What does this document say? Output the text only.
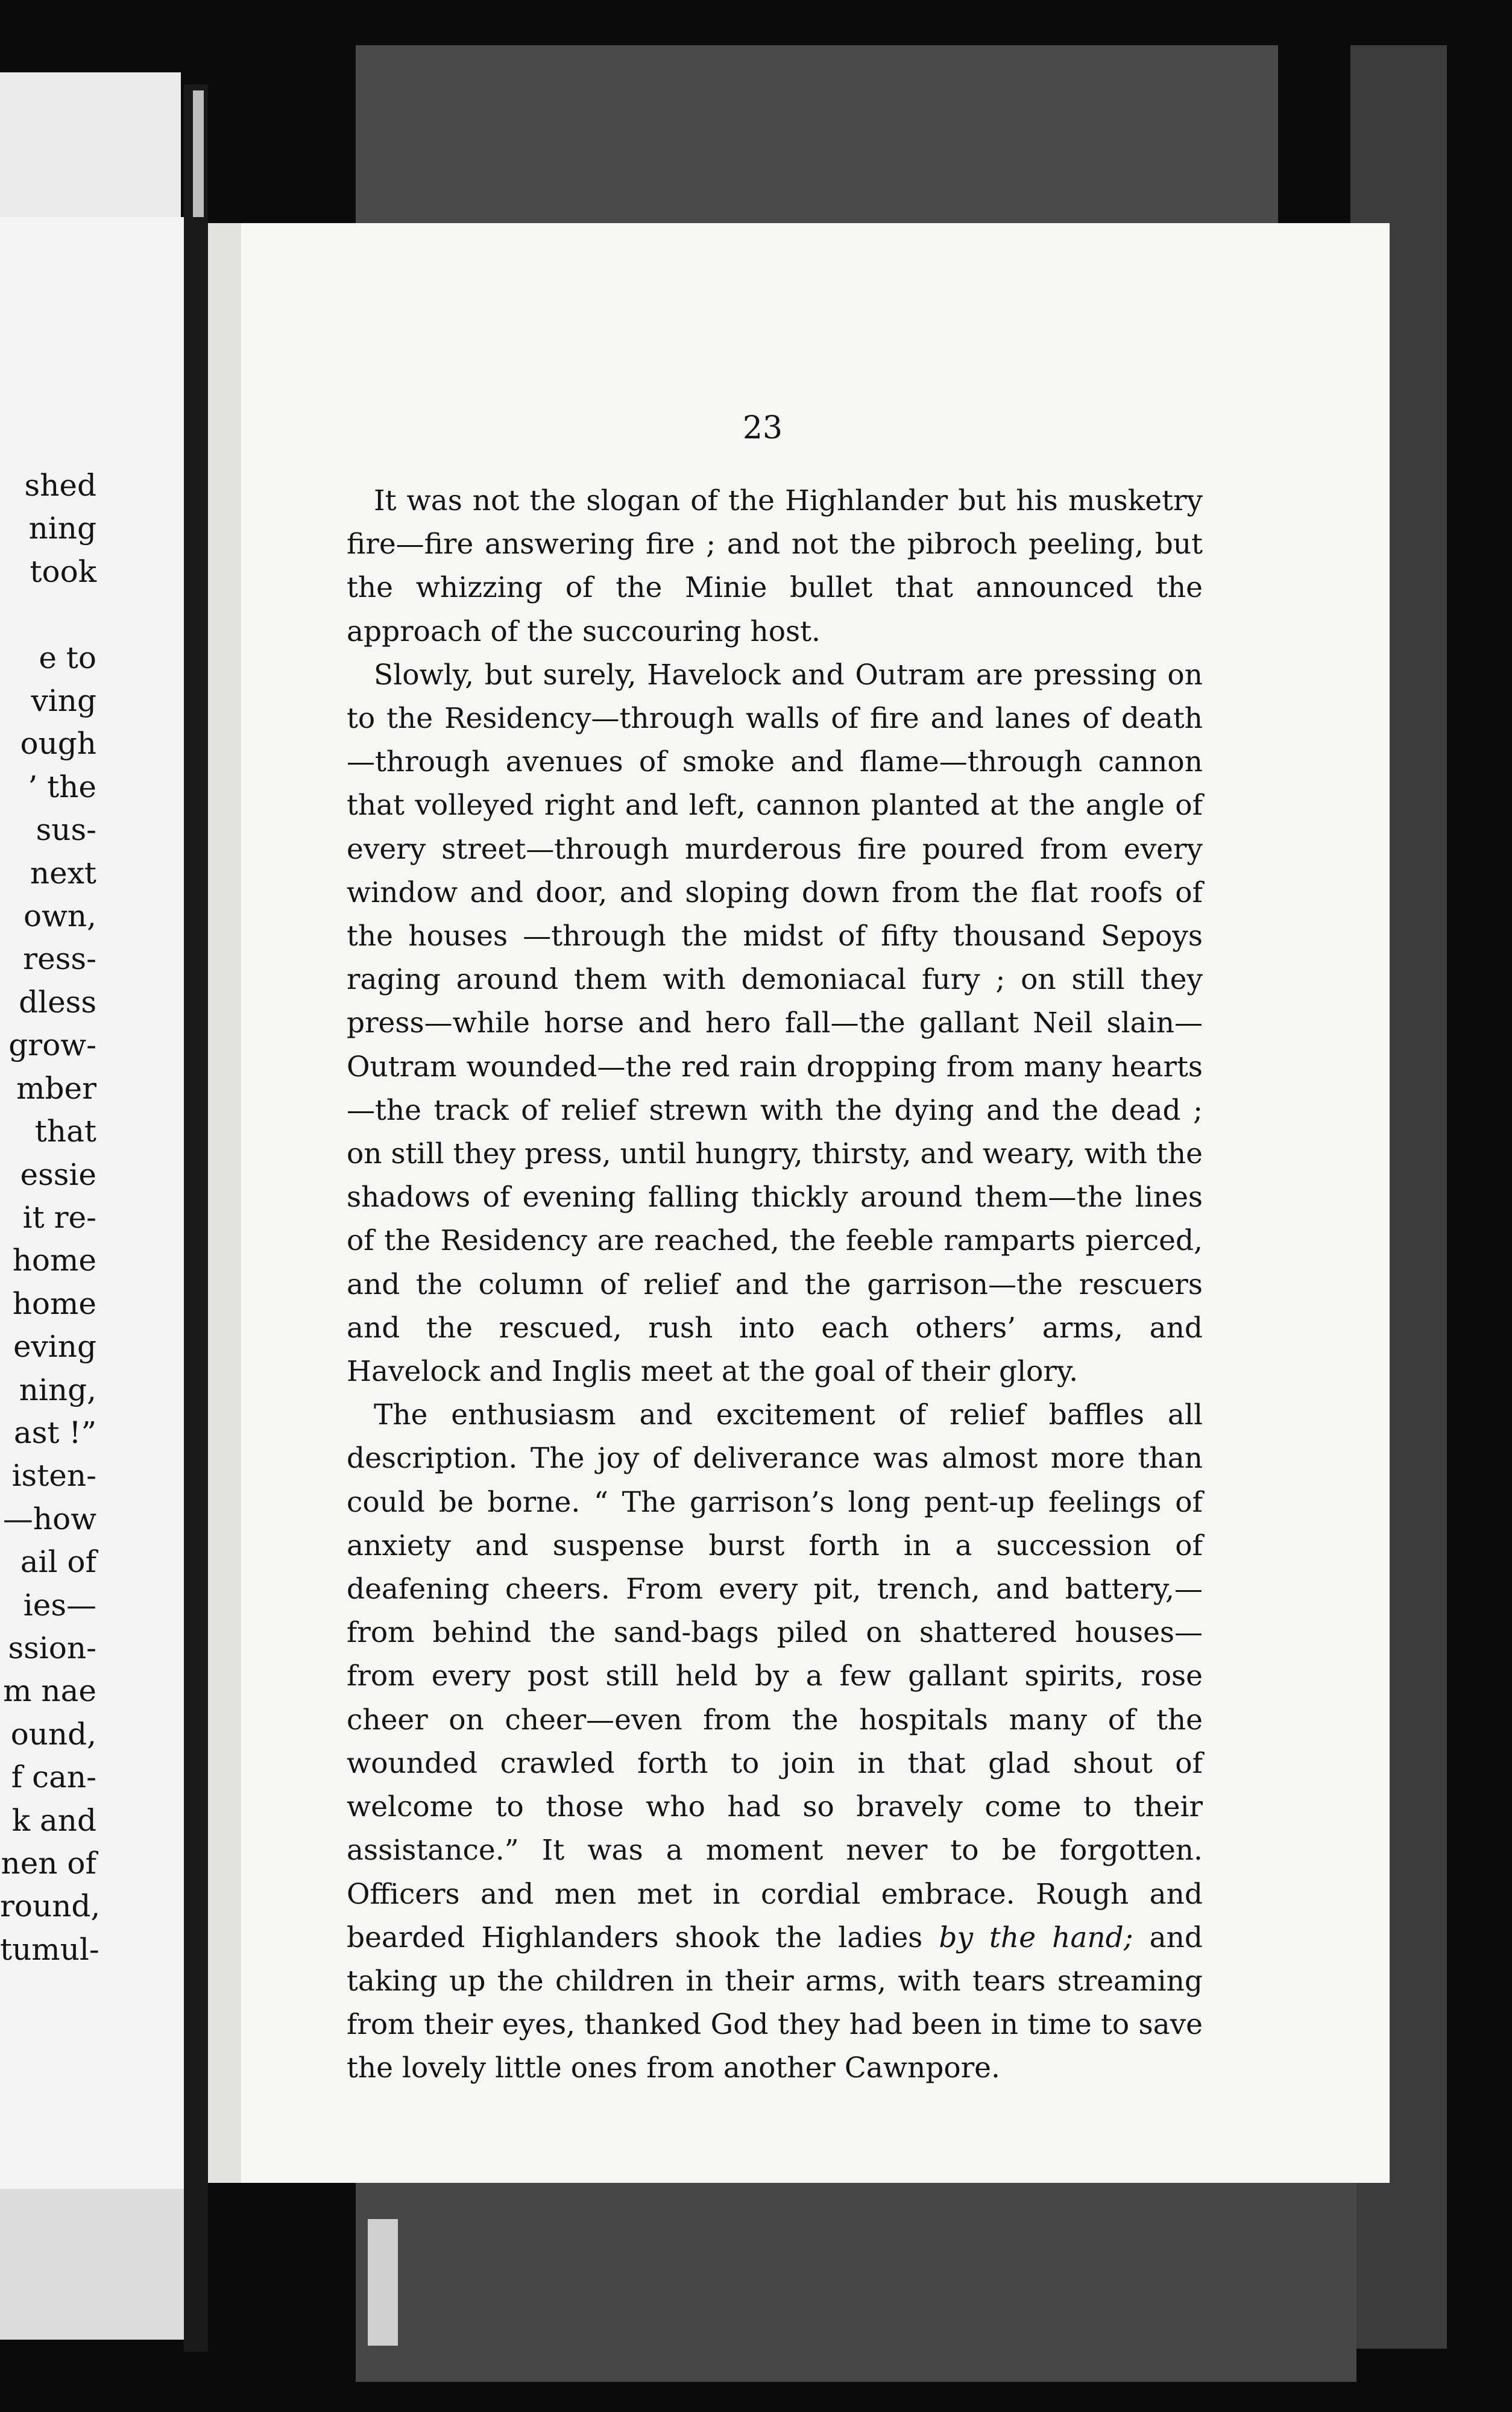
shed
ning
took

e to
ving
ough
’ the
sus-
next
own,
ress-
dless
grow-
mber
that
essie
it re-
home
home
eving
ning,
ast !”
isten-
—how
ail of
ies—
ssion-
m nae
ound,
f can-
k and
nen of
round,
tumul-
23

It was not the slogan of the Highlander but his musketry fire—fire answering fire ; and not the pibroch peeling, but the whizzing of the Minie bullet that announced the approach of the succouring host.

Slowly, but surely, Havelock and Outram are pressing on to the Residency—through walls of fire and lanes of death—through avenues of smoke and flame—through cannon that volleyed right and left, cannon planted at the angle of every street—through murderous fire poured from every window and door, and sloping down from the flat roofs of the houses —through the midst of fifty thousand Sepoys raging around them with demoniacal fury ; on still they press—while horse and hero fall—the gallant Neil slain—Outram wounded—the red rain dropping from many hearts—the track of relief strewn with the dying and the dead ; on still they press, until hungry, thirsty, and weary, with the shadows of evening falling thickly around them—the lines of the Residency are reached, the feeble ramparts pierced, and the column of relief and the garrison—the rescuers and the rescued, rush into each others’ arms, and Havelock and Inglis meet at the goal of their glory.

The enthusiasm and excitement of relief baffles all description. The joy of deliverance was almost more than could be borne. “ The garrison’s long pent-up feelings of anxiety and suspense burst forth in a succession of deafening cheers. From every pit, trench, and battery,—from behind the sand-bags piled on shattered houses—from every post still held by a few gallant spirits, rose cheer on cheer—even from the hospitals many of the wounded crawled forth to join in that glad shout of welcome to those who had so bravely come to their assistance.” It was a moment never to be forgotten. Officers and men met in cordial embrace. Rough and bearded Highlanders shook the ladies by the hand; and taking up the children in their arms, with tears streaming from their eyes, thanked God they had been in time to save the lovely little ones from another Cawnpore.
